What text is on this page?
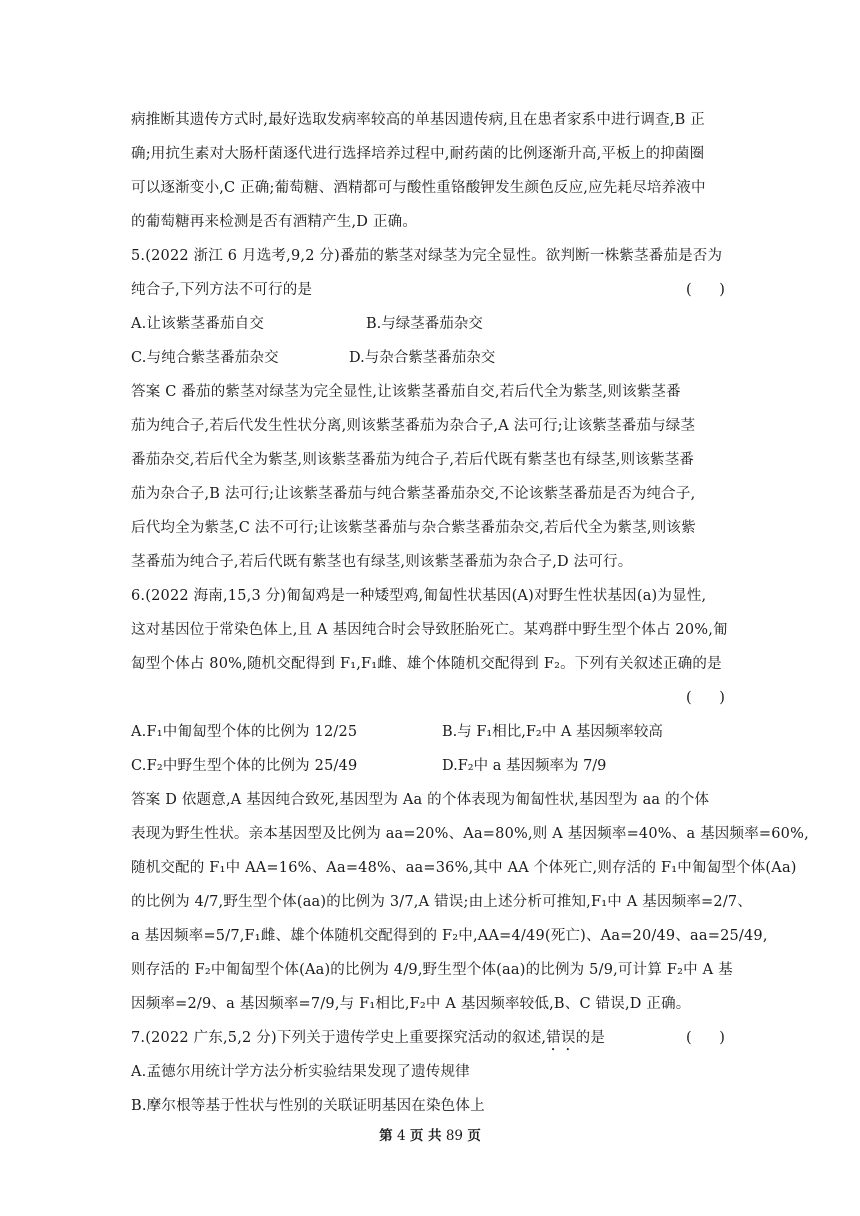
病推断其遗传方式时,最好选取发病率较高的单基因遗传病,且在患者家系中进行调查,B 正
确;用抗生素对大肠杆菌逐代进行选择培养过程中,耐药菌的比例逐渐升高,平板上的抑菌圈
可以逐渐变小,C 正确;葡萄糖、酒精都可与酸性重铬酸钾发生颜色反应,应先耗尽培养液中
的葡萄糖再来检测是否有酒精产生,D 正确。
5.(2022 浙江 6 月选考,9,2 分)番茄的紫茎对绿茎为完全显性。欲判断一株紫茎番茄是否为
纯合子,下列方法不可行的是	(      )
A.让该紫茎番茄自交	B.与绿茎番茄杂交
C.与纯合紫茎番茄杂交	D.与杂合紫茎番茄杂交
答案 C 番茄的紫茎对绿茎为完全显性,让该紫茎番茄自交,若后代全为紫茎,则该紫茎番
茄为纯合子,若后代发生性状分离,则该紫茎番茄为杂合子,A 法可行;让该紫茎番茄与绿茎
番茄杂交,若后代全为紫茎,则该紫茎番茄为纯合子,若后代既有紫茎也有绿茎,则该紫茎番
茄为杂合子,B 法可行;让该紫茎番茄与纯合紫茎番茄杂交,不论该紫茎番茄是否为纯合子,
后代均全为紫茎,C 法不可行;让该紫茎番茄与杂合紫茎番茄杂交,若后代全为紫茎,则该紫
茎番茄为纯合子,若后代既有紫茎也有绿茎,则该紫茎番茄为杂合子,D 法可行。
6.(2022 海南,15,3 分)匍匐鸡是一种矮型鸡,匍匐性状基因(A)对野生性状基因(a)为显性,
这对基因位于常染色体上,且 A 基因纯合时会导致胚胎死亡。某鸡群中野生型个体占 20%,匍
匐型个体占 80%,随机交配得到 F₁,F₁雌、雄个体随机交配得到 F₂。下列有关叙述正确的是
(      )
A.F₁中匍匐型个体的比例为 12/25	B.与 F₁相比,F₂中 A 基因频率较高
C.F₂中野生型个体的比例为 25/49	D.F₂中 a 基因频率为 7/9
答案 D 依题意,A 基因纯合致死,基因型为 Aa 的个体表现为匍匐性状,基因型为 aa 的个体
表现为野生性状。亲本基因型及比例为 aa=20%、Aa=80%,则 A 基因频率=40%、a 基因频率=60%,
随机交配的 F₁中 AA=16%、Aa=48%、aa=36%,其中 AA 个体死亡,则存活的 F₁中匍匐型个体(Aa)
的比例为 4/7,野生型个体(aa)的比例为 3/7,A 错误;由上述分析可推知,F₁中 A 基因频率=2/7、
a 基因频率=5/7,F₁雌、雄个体随机交配得到的 F₂中,AA=4/49(死亡)、Aa=20/49、aa=25/49,
则存活的 F₂中匍匐型个体(Aa)的比例为 4/9,野生型个体(aa)的比例为 5/9,可计算 F₂中 A 基
因频率=2/9、a 基因频率=7/9,与 F₁相比,F₂中 A 基因频率较低,B、C 错误,D 正确。
7.(2022 广东,5,2 分)下列关于遗传学史上重要探究活动的叙述,错误的是	(      )
A.孟德尔用统计学方法分析实验结果发现了遗传规律
B.摩尔根等基于性状与性别的关联证明基因在染色体上
第 4 页 共 89 页
